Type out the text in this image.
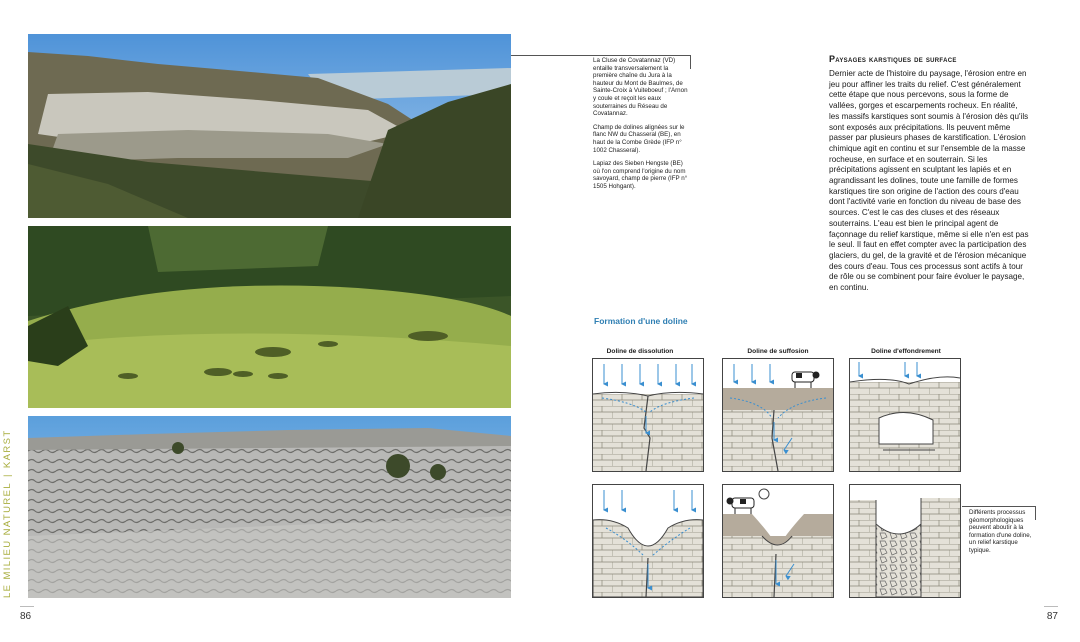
LE MILIEU NATUREL|KARST
86

La Cluse de Covatannaz (VD) entaille transversalement la première chaîne du Jura à la hauteur du Mont de Baulmes, de Sainte-Croix à Vuiteboeuf ; l'Arnon y coule et reçoit les eaux souterraines du Réseau de Covatannaz.

Champ de dolines alignées sur le flanc NW du Chasseral (BE), en haut de la Combe Grède (IFP n° 1002 Chasseral).

Lapiaz des Sieben Hengste (BE) où l'on comprend l'origine du nom savoyard, champ de pierre (IFP n° 1505 Hohgant).

Paysages karstiques de surface
Dernier acte de l'histoire du paysage, l'érosion entre en jeu pour affiner les traits du relief. C'est généralement cette étape que nous percevons, sous la forme de vallées, gorges et escarpements rocheux. En réalité, les massifs karstiques sont soumis à l'érosion dès qu'ils sont exposés aux précipitations. Ils peuvent même passer par plusieurs phases de karstification. L'érosion chimique agit en continu et sur l'ensemble de la masse rocheuse, en surface et en souterrain. Si les précipitations agissent en sculptant les lapiés et en agrandissant les dolines, toute une famille de formes karstiques tire son origine de l'action des cours d'eau dont l'activité varie en fonction du niveau de base des sources. C'est le cas des cluses et des réseaux souterrains. L'eau est bien le principal agent de façonnage du relief karstique, même si elle n'en est pas le seul. Il faut en effet compter avec la participation des glaciers, du gel, de la gravité et de l'érosion mécanique des cours d'eau. Tous ces processus sont actifs à tour de rôle ou se combinent pour faire évoluer le paysage, en continu.
Formation d'une doline
Doline de dissolution	Doline de suffosion	Doline d'effondrement
Différents processus géomorphologiques peuvent aboutir à la formation d'une doline, un relief karstique typique.
87
